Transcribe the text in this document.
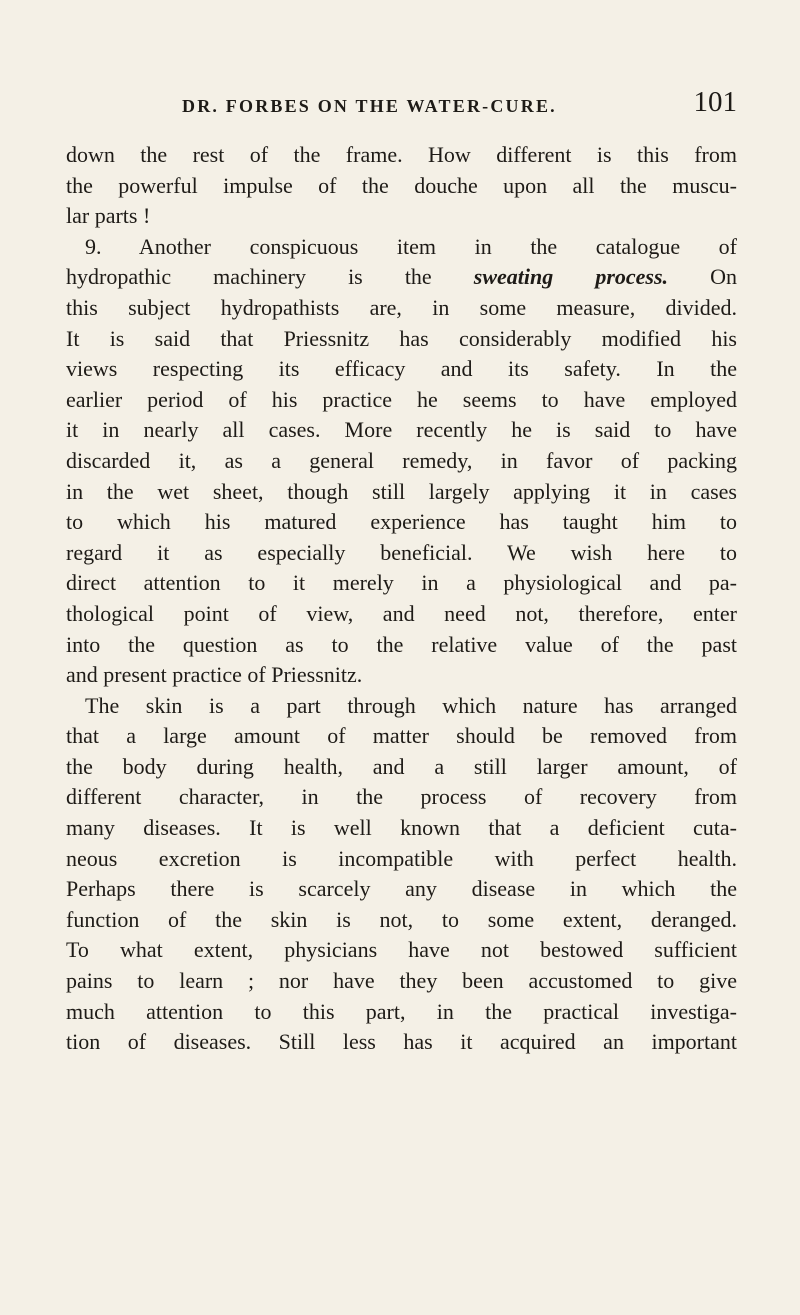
DR. FORBES ON THE WATER-CURE.	101
down the rest of the frame. How different is this from
the powerful impulse of the douche upon all the muscu-
lar parts !
9. Another conspicuous item in the catalogue of
hydropathic machinery is the sweating process. On
this subject hydropathists are, in some measure, divided.
It is said that Priessnitz has considerably modified his
views respecting its efficacy and its safety. In the
earlier period of his practice he seems to have employed
it in nearly all cases. More recently he is said to have
discarded it, as a general remedy, in favor of packing
in the wet sheet, though still largely applying it in cases
to which his matured experience has taught him to
regard it as especially beneficial. We wish here to
direct attention to it merely in a physiological and pa-
thological point of view, and need not, therefore, enter
into the question as to the relative value of the past
and present practice of Priessnitz.
The skin is a part through which nature has arranged
that a large amount of matter should be removed from
the body during health, and a still larger amount, of
different character, in the process of recovery from
many diseases. It is well known that a deficient cuta-
neous excretion is incompatible with perfect health.
Perhaps there is scarcely any disease in which the
function of the skin is not, to some extent, deranged.
To what extent, physicians have not bestowed sufficient
pains to learn ; nor have they been accustomed to give
much attention to this part, in the practical investiga-
tion of diseases. Still less has it acquired an important
